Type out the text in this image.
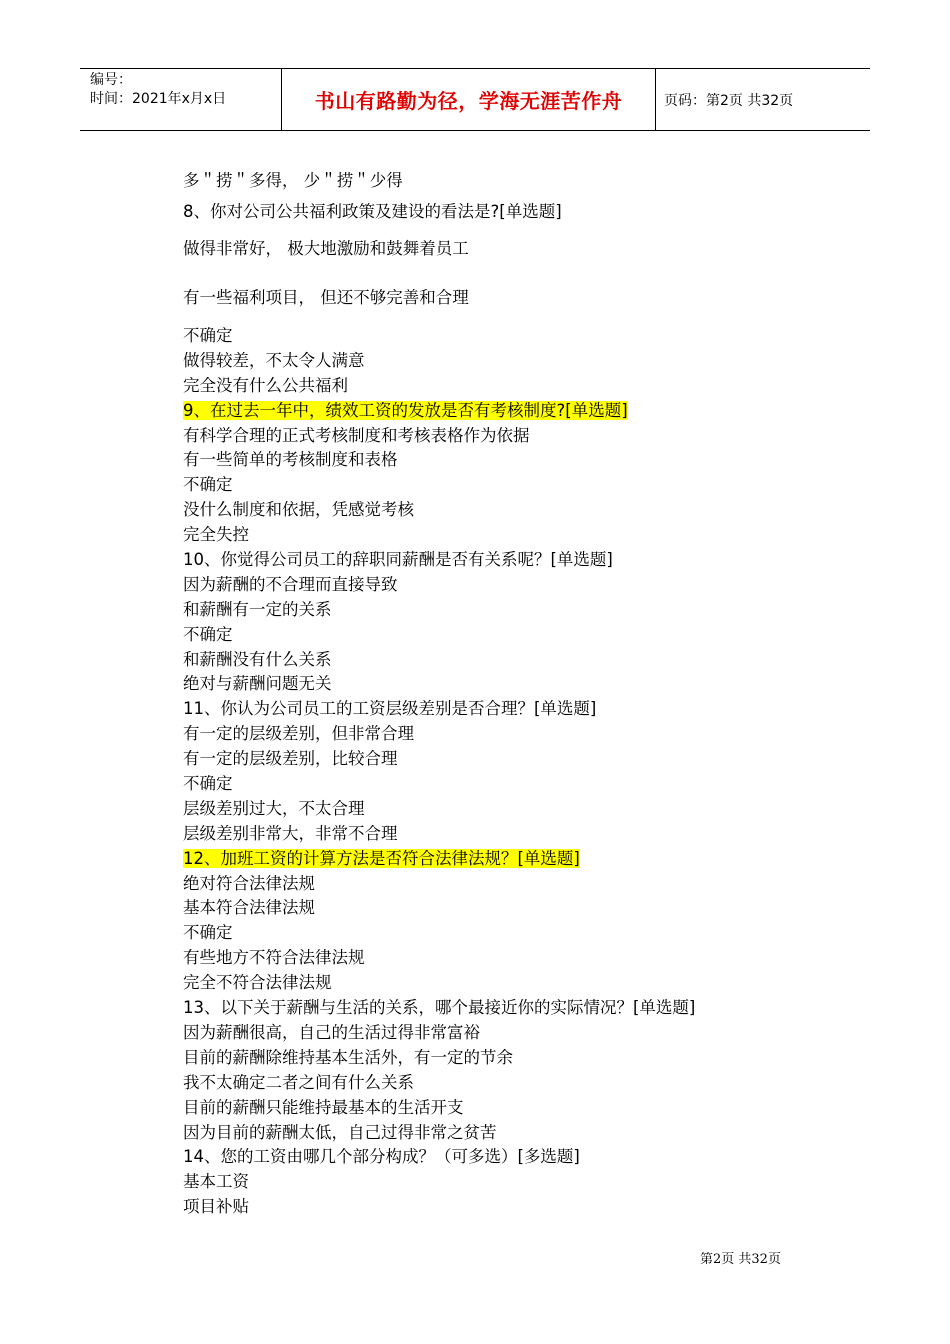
编号：
时间：2021年x月x日	书山有路勤为径，学海无涯苦作舟	页码：第2页 共32页
多＂捞＂多得， 少＂捞＂少得
8、你对公司公共福利政策及建设的看法是?[单选题]
做得非常好， 极大地激励和鼓舞着员工
有一些福利项目， 但还不够完善和合理
不确定
做得较差，不太令人满意
完全没有什么公共福利
9、在过去一年中，绩效工资的发放是否有考核制度?[单选题]
有科学合理的正式考核制度和考核表格作为依据
有一些简单的考核制度和表格
不确定
没什么制度和依据，凭感觉考核
完全失控
10、你觉得公司员工的辞职同薪酬是否有关系呢？[单选题]
因为薪酬的不合理而直接导致
和薪酬有一定的关系
不确定
和薪酬没有什么关系
绝对与薪酬问题无关
11、你认为公司员工的工资层级差别是否合理？[单选题]
有一定的层级差别，但非常合理
有一定的层级差别，比较合理
不确定
层级差别过大，不太合理
层级差别非常大，非常不合理
12、加班工资的计算方法是否符合法律法规？[单选题]
绝对符合法律法规
基本符合法律法规
不确定
有些地方不符合法律法规
完全不符合法律法规
13、以下关于薪酬与生活的关系，哪个最接近你的实际情况？[单选题]
因为薪酬很高，自己的生活过得非常富裕
目前的薪酬除维持基本生活外，有一定的节余
我不太确定二者之间有什么关系
目前的薪酬只能维持最基本的生活开支
因为目前的薪酬太低，自己过得非常之贫苦
14、您的工资由哪几个部分构成？（可多选）[多选题]
基本工资
项目补贴
第2页 共32页
